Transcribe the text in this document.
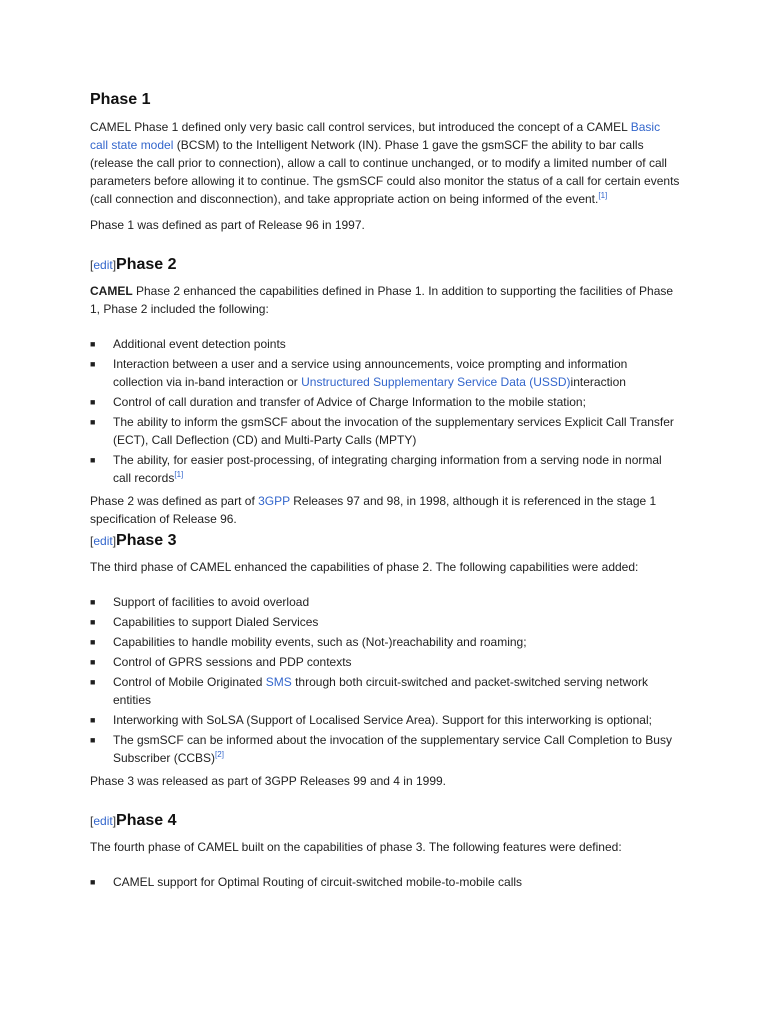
Phase 1

CAMEL Phase 1 defined only very basic call control services, but introduced the concept of a CAMEL Basic call state model (BCSM) to the Intelligent Network (IN). Phase 1 gave the gsmSCF the ability to bar calls (release the call prior to connection), allow a call to continue unchanged, or to modify a limited number of call parameters before allowing it to continue. The gsmSCF could also monitor the status of a call for certain events (call connection and disconnection), and take appropriate action on being informed of the event.[1]

Phase 1 was defined as part of Release 96 in 1997.

[edit]Phase 2

CAMEL Phase 2 enhanced the capabilities defined in Phase 1. In addition to supporting the facilities of Phase 1, Phase 2 included the following:

■ Additional event detection points
■ Interaction between a user and a service using announcements, voice prompting and information collection via in-band interaction or Unstructured Supplementary Service Data (USSD)interaction
■ Control of call duration and transfer of Advice of Charge Information to the mobile station;
■ The ability to inform the gsmSCF about the invocation of the supplementary services Explicit Call Transfer (ECT), Call Deflection (CD) and Multi-Party Calls (MPTY)
■ The ability, for easier post-processing, of integrating charging information from a serving node in normal call records[1]

Phase 2 was defined as part of 3GPP Releases 97 and 98, in 1998, although it is referenced in the stage 1 specification of Release 96.

[edit]Phase 3

The third phase of CAMEL enhanced the capabilities of phase 2. The following capabilities were added:

■ Support of facilities to avoid overload
■ Capabilities to support Dialed Services
■ Capabilities to handle mobility events, such as (Not-)reachability and roaming;
■ Control of GPRS sessions and PDP contexts
■ Control of Mobile Originated SMS through both circuit-switched and packet-switched serving network entities
■ Interworking with SoLSA (Support of Localised Service Area). Support for this interworking is optional;
■ The gsmSCF can be informed about the invocation of the supplementary service Call Completion to Busy Subscriber (CCBS)[2]

Phase 3 was released as part of 3GPP Releases 99 and 4 in 1999.

[edit]Phase 4

The fourth phase of CAMEL built on the capabilities of phase 3. The following features were defined:

■ CAMEL support for Optimal Routing of circuit-switched mobile-to-mobile calls
